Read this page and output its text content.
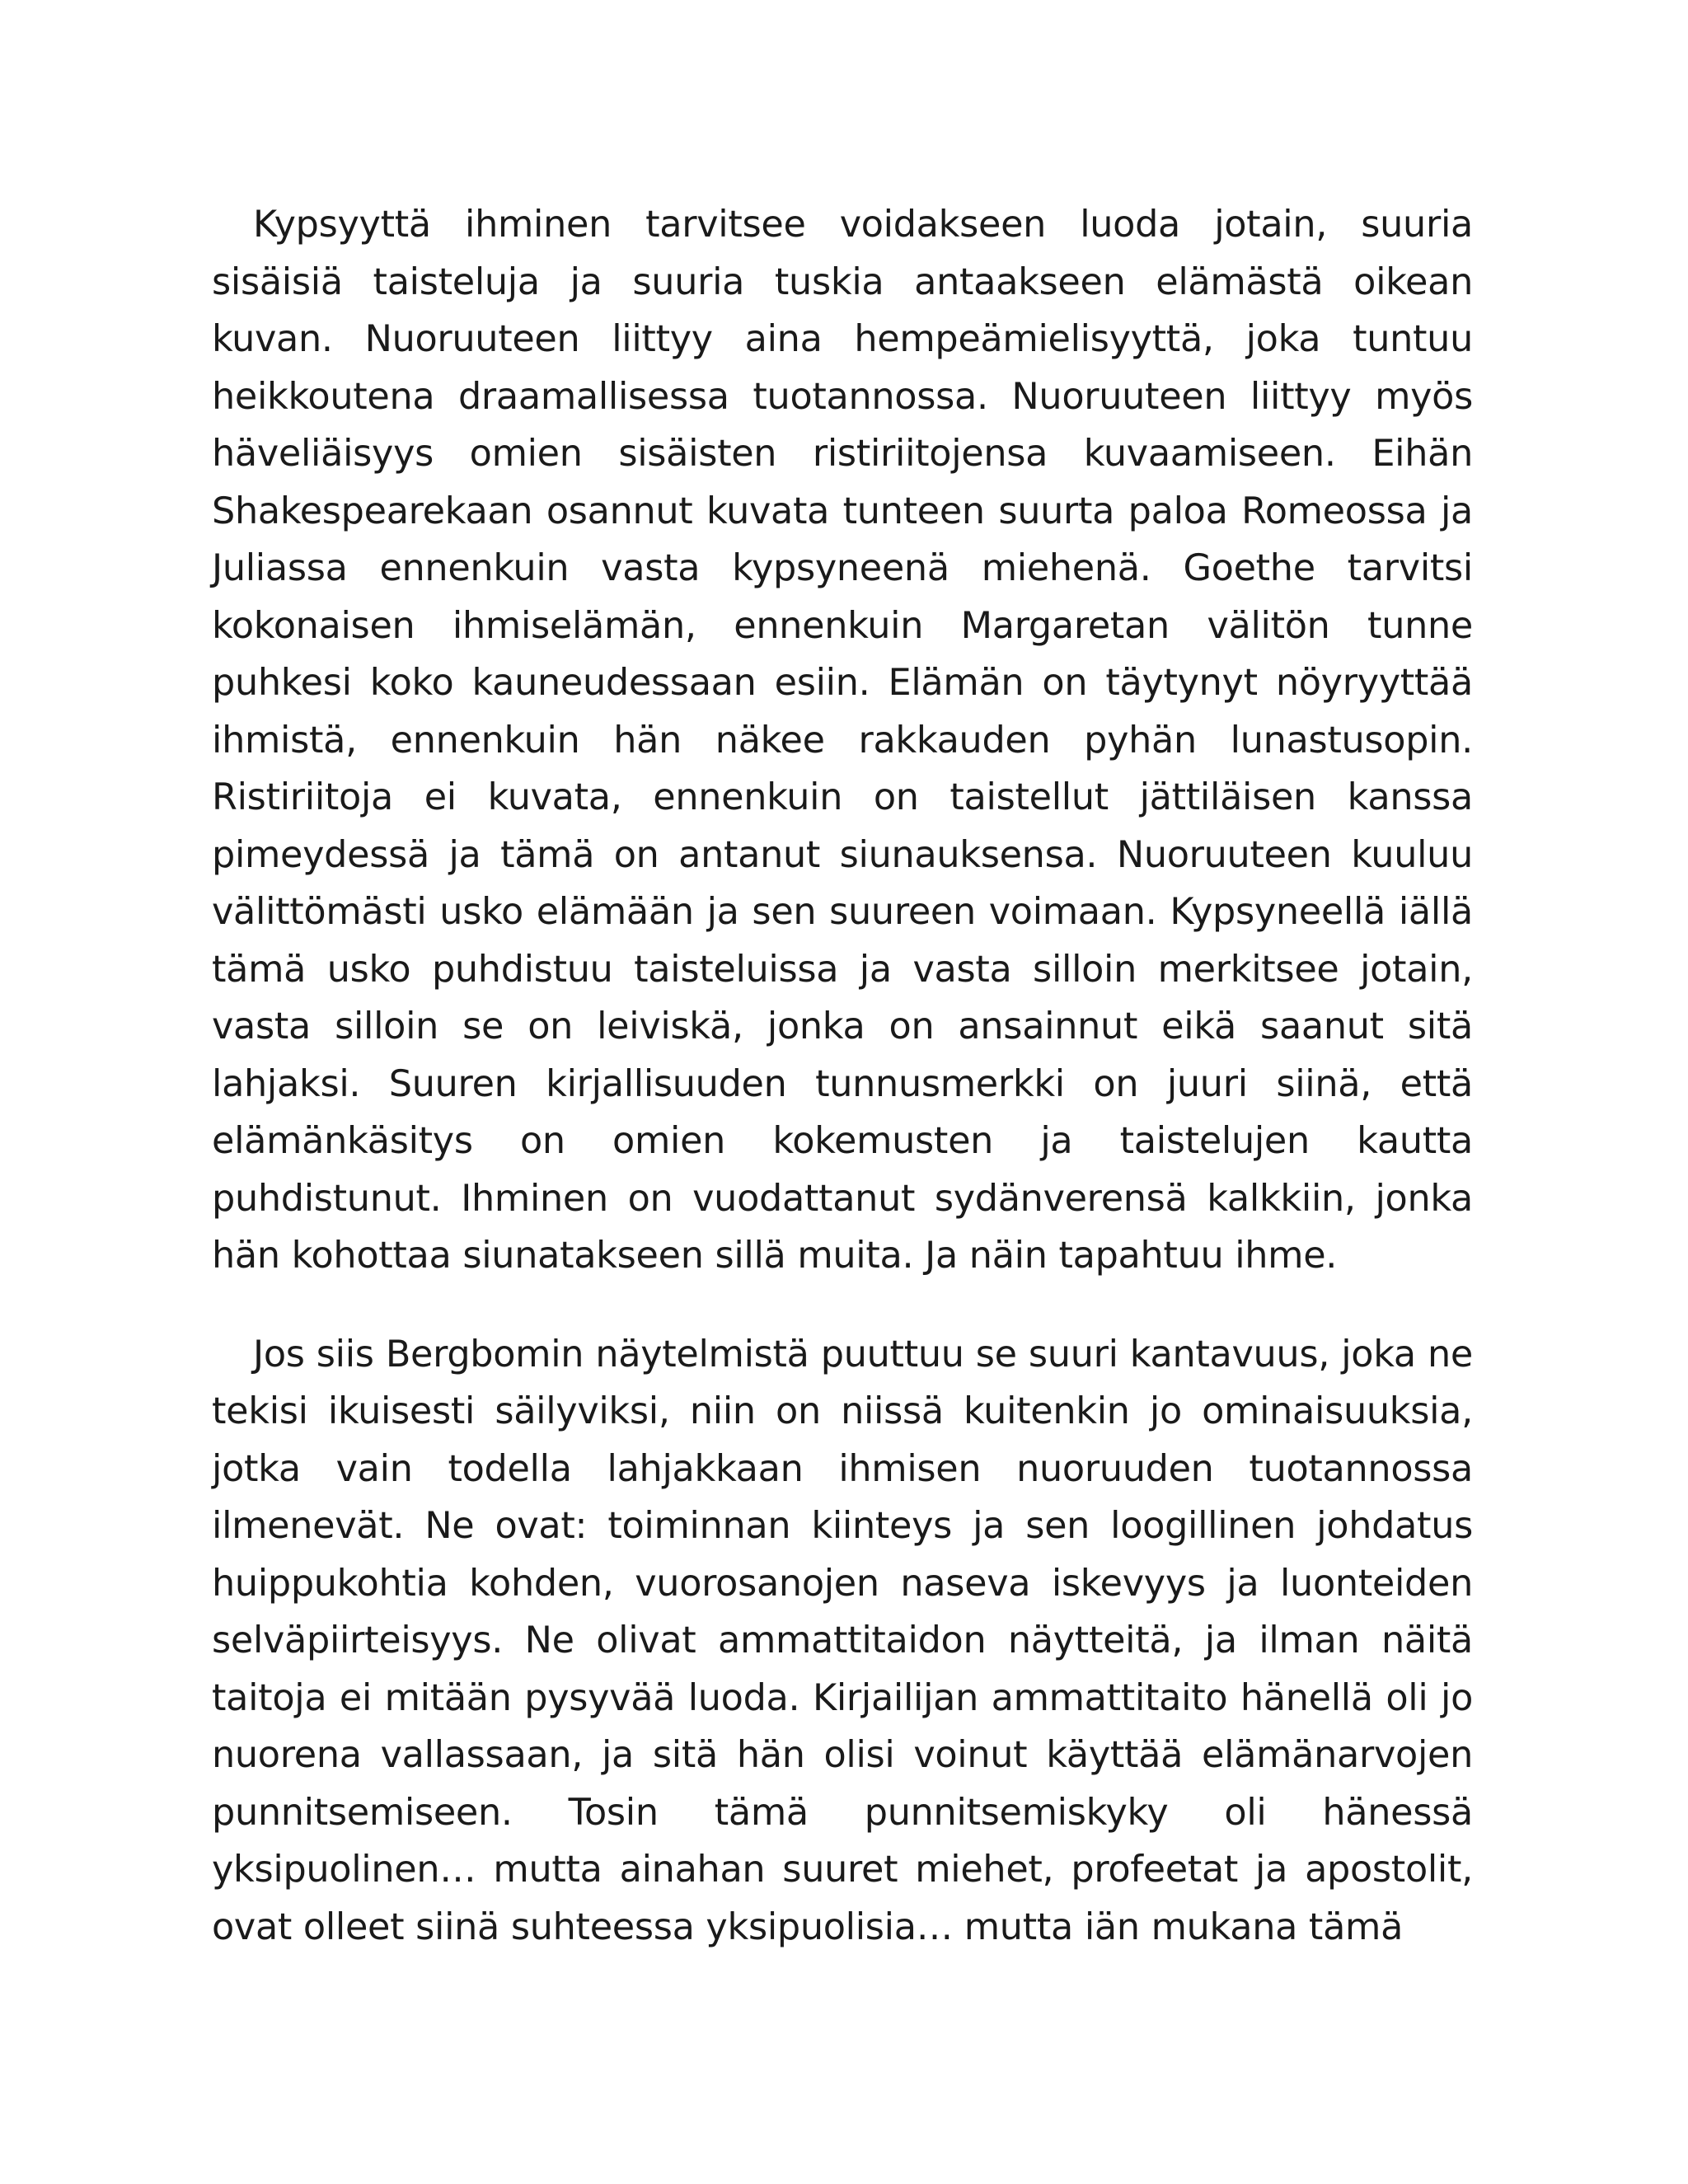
Kypsyyttä ihminen tarvitsee voidakseen luoda jotain, suuria sisäisiä taisteluja ja suuria tuskia antaakseen elämästä oikean kuvan. Nuoruuteen liittyy aina hempeämielisyyttä, joka tuntuu heikkoutena draamallisessa tuotannossa. Nuoruuteen liittyy myös häveliäisyys omien sisäisten ristiriitojensa kuvaamiseen. Eihän Shakespearekaan osannut kuvata tunteen suurta paloa Romeossa ja Juliassa ennenkuin vasta kypsyneenä miehenä. Goethe tarvitsi kokonaisen ihmiselämän, ennenkuin Margaretan välitön tunne puhkesi koko kauneudessaan esiin. Elämän on täytynyt nöyryyttää ihmistä, ennenkuin hän näkee rakkauden pyhän lunastusopin. Ristiriitoja ei kuvata, ennenkuin on taistellut jättiläisen kanssa pimeydessä ja tämä on antanut siunauksensa. Nuoruuteen kuuluu välittömästi usko elämään ja sen suureen voimaan. Kypsyneellä iällä tämä usko puhdistuu taisteluissa ja vasta silloin merkitsee jotain, vasta silloin se on leiviskä, jonka on ansainnut eikä saanut sitä lahjaksi. Suuren kirjallisuuden tunnusmerkki on juuri siinä, että elämänkäsitys on omien kokemusten ja taistelujen kautta puhdistunut. Ihminen on vuodattanut sydänverensä kalkkiin, jonka hän kohottaa siunatakseen sillä muita. Ja näin tapahtuu ihme.

Jos siis Bergbomin näytelmistä puuttuu se suuri kantavuus, joka ne tekisi ikuisesti säilyviksi, niin on niissä kuitenkin jo ominaisuuksia, jotka vain todella lahjakkaan ihmisen nuoruuden tuotannossa ilmenevät. Ne ovat: toiminnan kiinteys ja sen loogillinen johdatus huippukohtia kohden, vuorosanojen naseva iskevyys ja luonteiden selväpiirteisyys. Ne olivat ammattitaidon näytteitä, ja ilman näitä taitoja ei mitään pysyvää luoda. Kirjailijan ammattitaito hänellä oli jo nuorena vallassaan, ja sitä hän olisi voinut käyttää elämänarvojen punnitsemiseen. Tosin tämä punnitsemiskyky oli hänessä yksipuolinen… mutta ainahan suuret miehet, profeetat ja apostolit, ovat olleet siinä suhteessa yksipuolisia… mutta iän mukana tämä
